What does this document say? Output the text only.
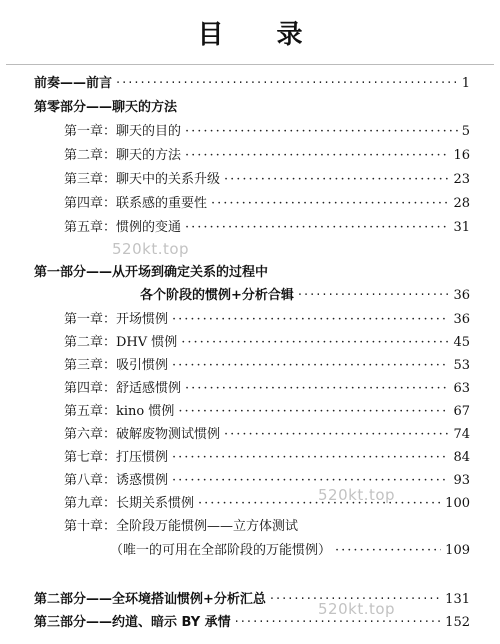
目 录
前奏——前言 ·····	1
第零部分——聊天的方法
第一章：聊天的目的 ·····	5
第二章：聊天的方法 ·····	16
第三章：聊天中的关系升级 ·····	23
第四章：联系感的重要性 ·····	28
第五章：惯例的变通 ·····	31
第一部分——从开场到确定关系的过程中
各个阶段的惯例+分析合辑 ·····	36
第一章：开场惯例 ·····	36
第二章：DHV 惯例 ·····	45
第三章：吸引惯例 ·····	53
第四章：舒适感惯例 ·····	63
第五章：kino 惯例 ·····	67
第六章：破解废物测试惯例 ·····	74
第七章：打压惯例 ·····	84
第八章：诱惑惯例 ·····	93
第九章：长期关系惯例 ·····	100
第十章：全阶段万能惯例——立方体测试
（唯一的可用在全部阶段的万能惯例） ·····	109
第二部分——全环境搭讪惯例+分析汇总 ·····	131
第三部分——约道、暗示 BY 承情 ·····	152
520kt.top
520kt.top
520kt.top
